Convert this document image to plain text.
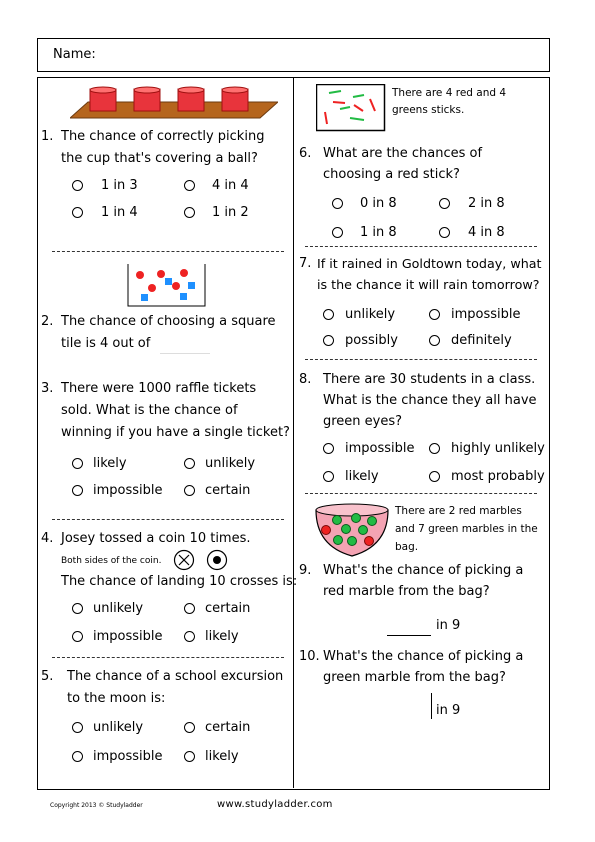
Name:
1. The chance of correctly picking
the cup that's covering a ball?
1 in 3	4 in 4
1 in 4	1 in 2
2. The chance of choosing a square
tile is 4 out of
3. There were 1000 raffle tickets
sold. What is the chance of
winning if you have a single ticket?
likely	unlikely
impossible	certain
4. Josey tossed a coin 10 times.
Both sides of the coin.
The chance of landing 10 crosses is:
unlikely	certain
impossible	likely
5. The chance of a school excursion
to the moon is:
unlikely	certain
impossible	likely
There are 4 red and 4
greens sticks.
6. What are the chances of
choosing a red stick?
0 in 8	2 in 8
1 in 8	4 in 8
7. If it rained in Goldtown today, what
is the chance it will rain tomorrow?
unlikely	impossible
possibly	definitely
8. There are 30 students in a class.
What is the chance they all have
green eyes?
impossible	highly unlikely
likely	most probably
There are 2 red marbles
and 7 green marbles in the
bag.
9. What's the chance of picking a
red marble from the bag?
in 9
10. What's the chance of picking a
green marble from the bag?
in 9
Copyright 2013 © Studyladder	www.studyladder.com
